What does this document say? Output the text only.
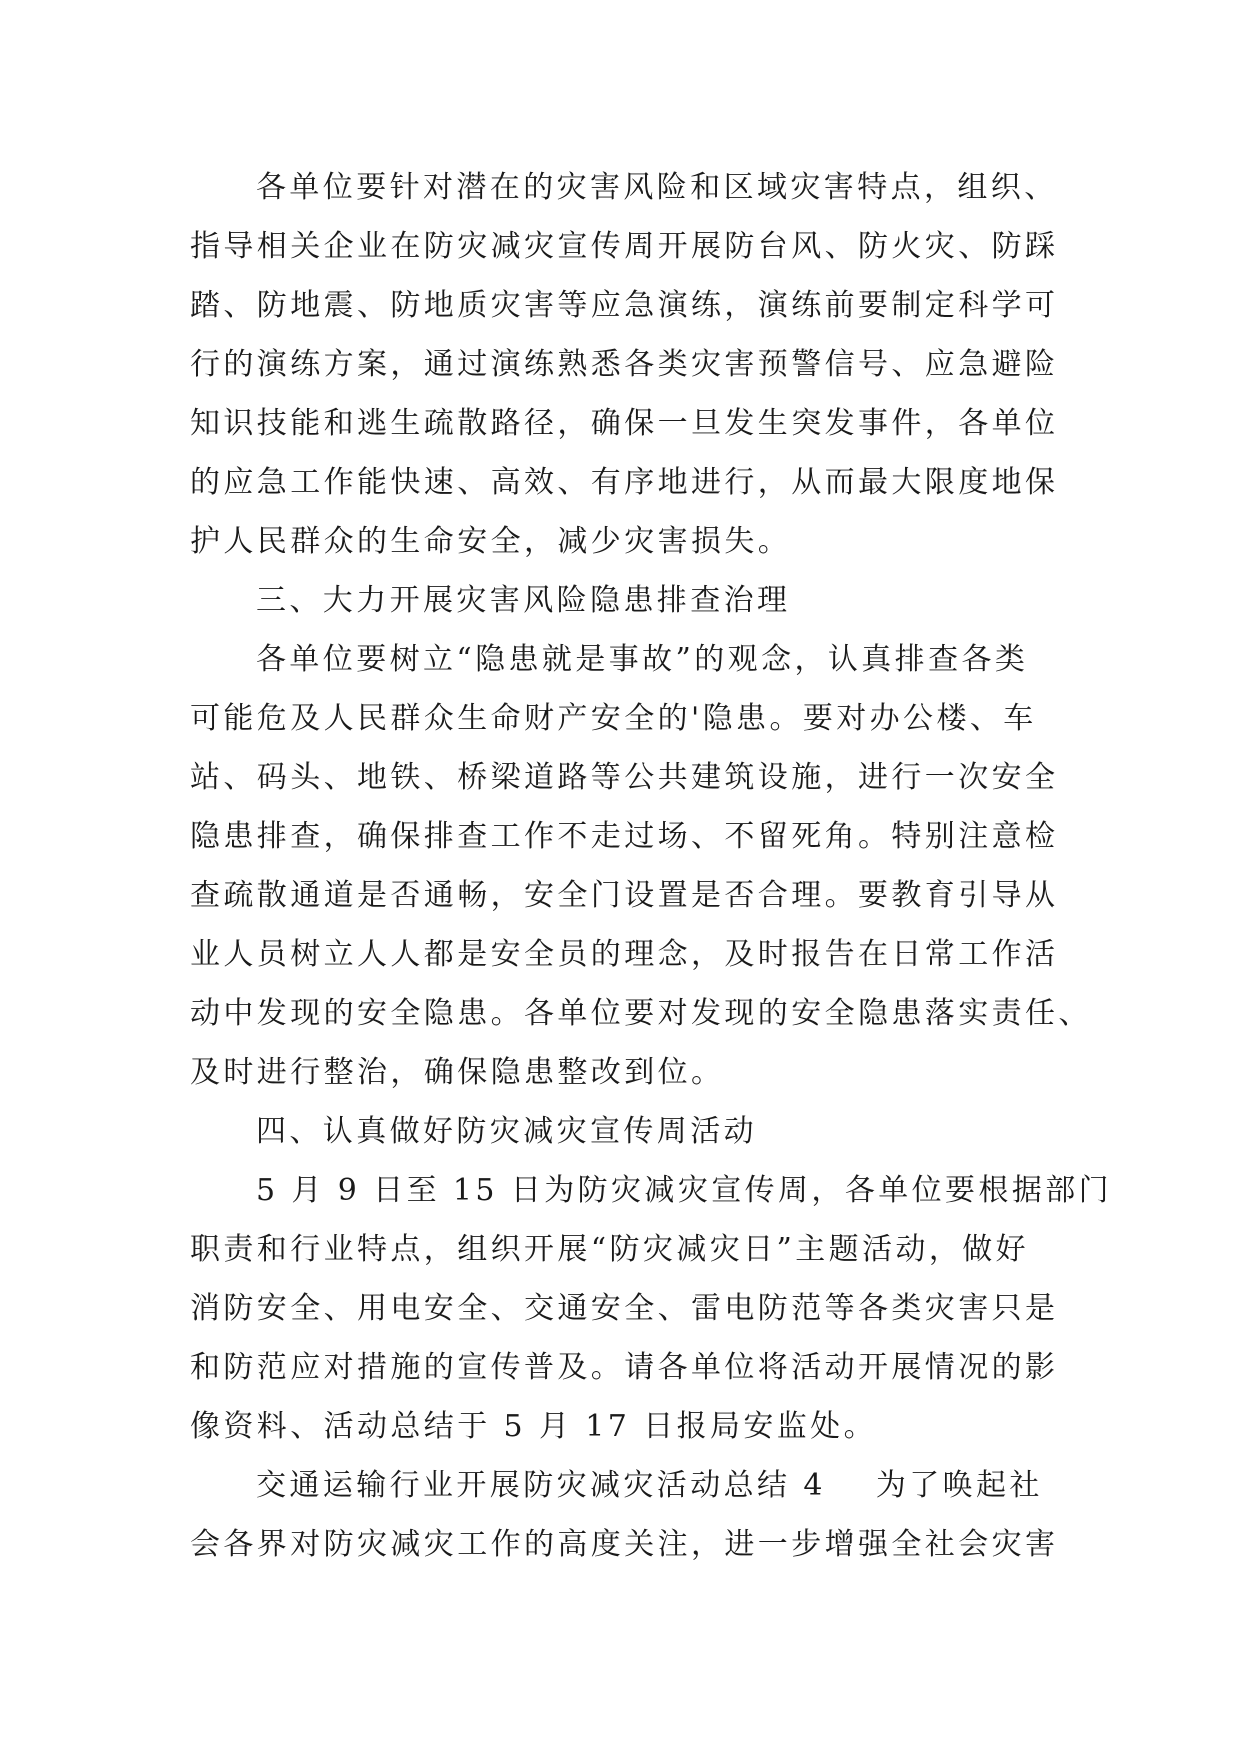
各单位要针对潜在的灾害风险和区域灾害特点，组织、
指导相关企业在防灾减灾宣传周开展防台风、防火灾、防踩
踏、防地震、防地质灾害等应急演练，演练前要制定科学可
行的演练方案，通过演练熟悉各类灾害预警信号、应急避险
知识技能和逃生疏散路径，确保一旦发生突发事件，各单位
的应急工作能快速、高效、有序地进行，从而最大限度地保
护人民群众的生命安全，减少灾害损失。
三、大力开展灾害风险隐患排查治理
各单位要树立“隐患就是事故”的观念，认真排查各类
可能危及人民群众生命财产安全的'隐患。要对办公楼、车
站、码头、地铁、桥梁道路等公共建筑设施，进行一次安全
隐患排查，确保排查工作不走过场、不留死角。特别注意检
查疏散通道是否通畅，安全门设置是否合理。要教育引导从
业人员树立人人都是安全员的理念，及时报告在日常工作活
动中发现的安全隐患。各单位要对发现的安全隐患落实责任、
及时进行整治，确保隐患整改到位。
四、认真做好防灾减灾宣传周活动
5 月 9 日至 15 日为防灾减灾宣传周，各单位要根据部门
职责和行业特点，组织开展“防灾减灾日”主题活动，做好
消防安全、用电安全、交通安全、雷电防范等各类灾害只是
和防范应对措施的宣传普及。请各单位将活动开展情况的影
像资料、活动总结于 5 月 17 日报局安监处。
交通运输行业开展防灾减灾活动总结 4 为了唤起社
会各界对防灾减灾工作的高度关注，进一步增强全社会灾害
